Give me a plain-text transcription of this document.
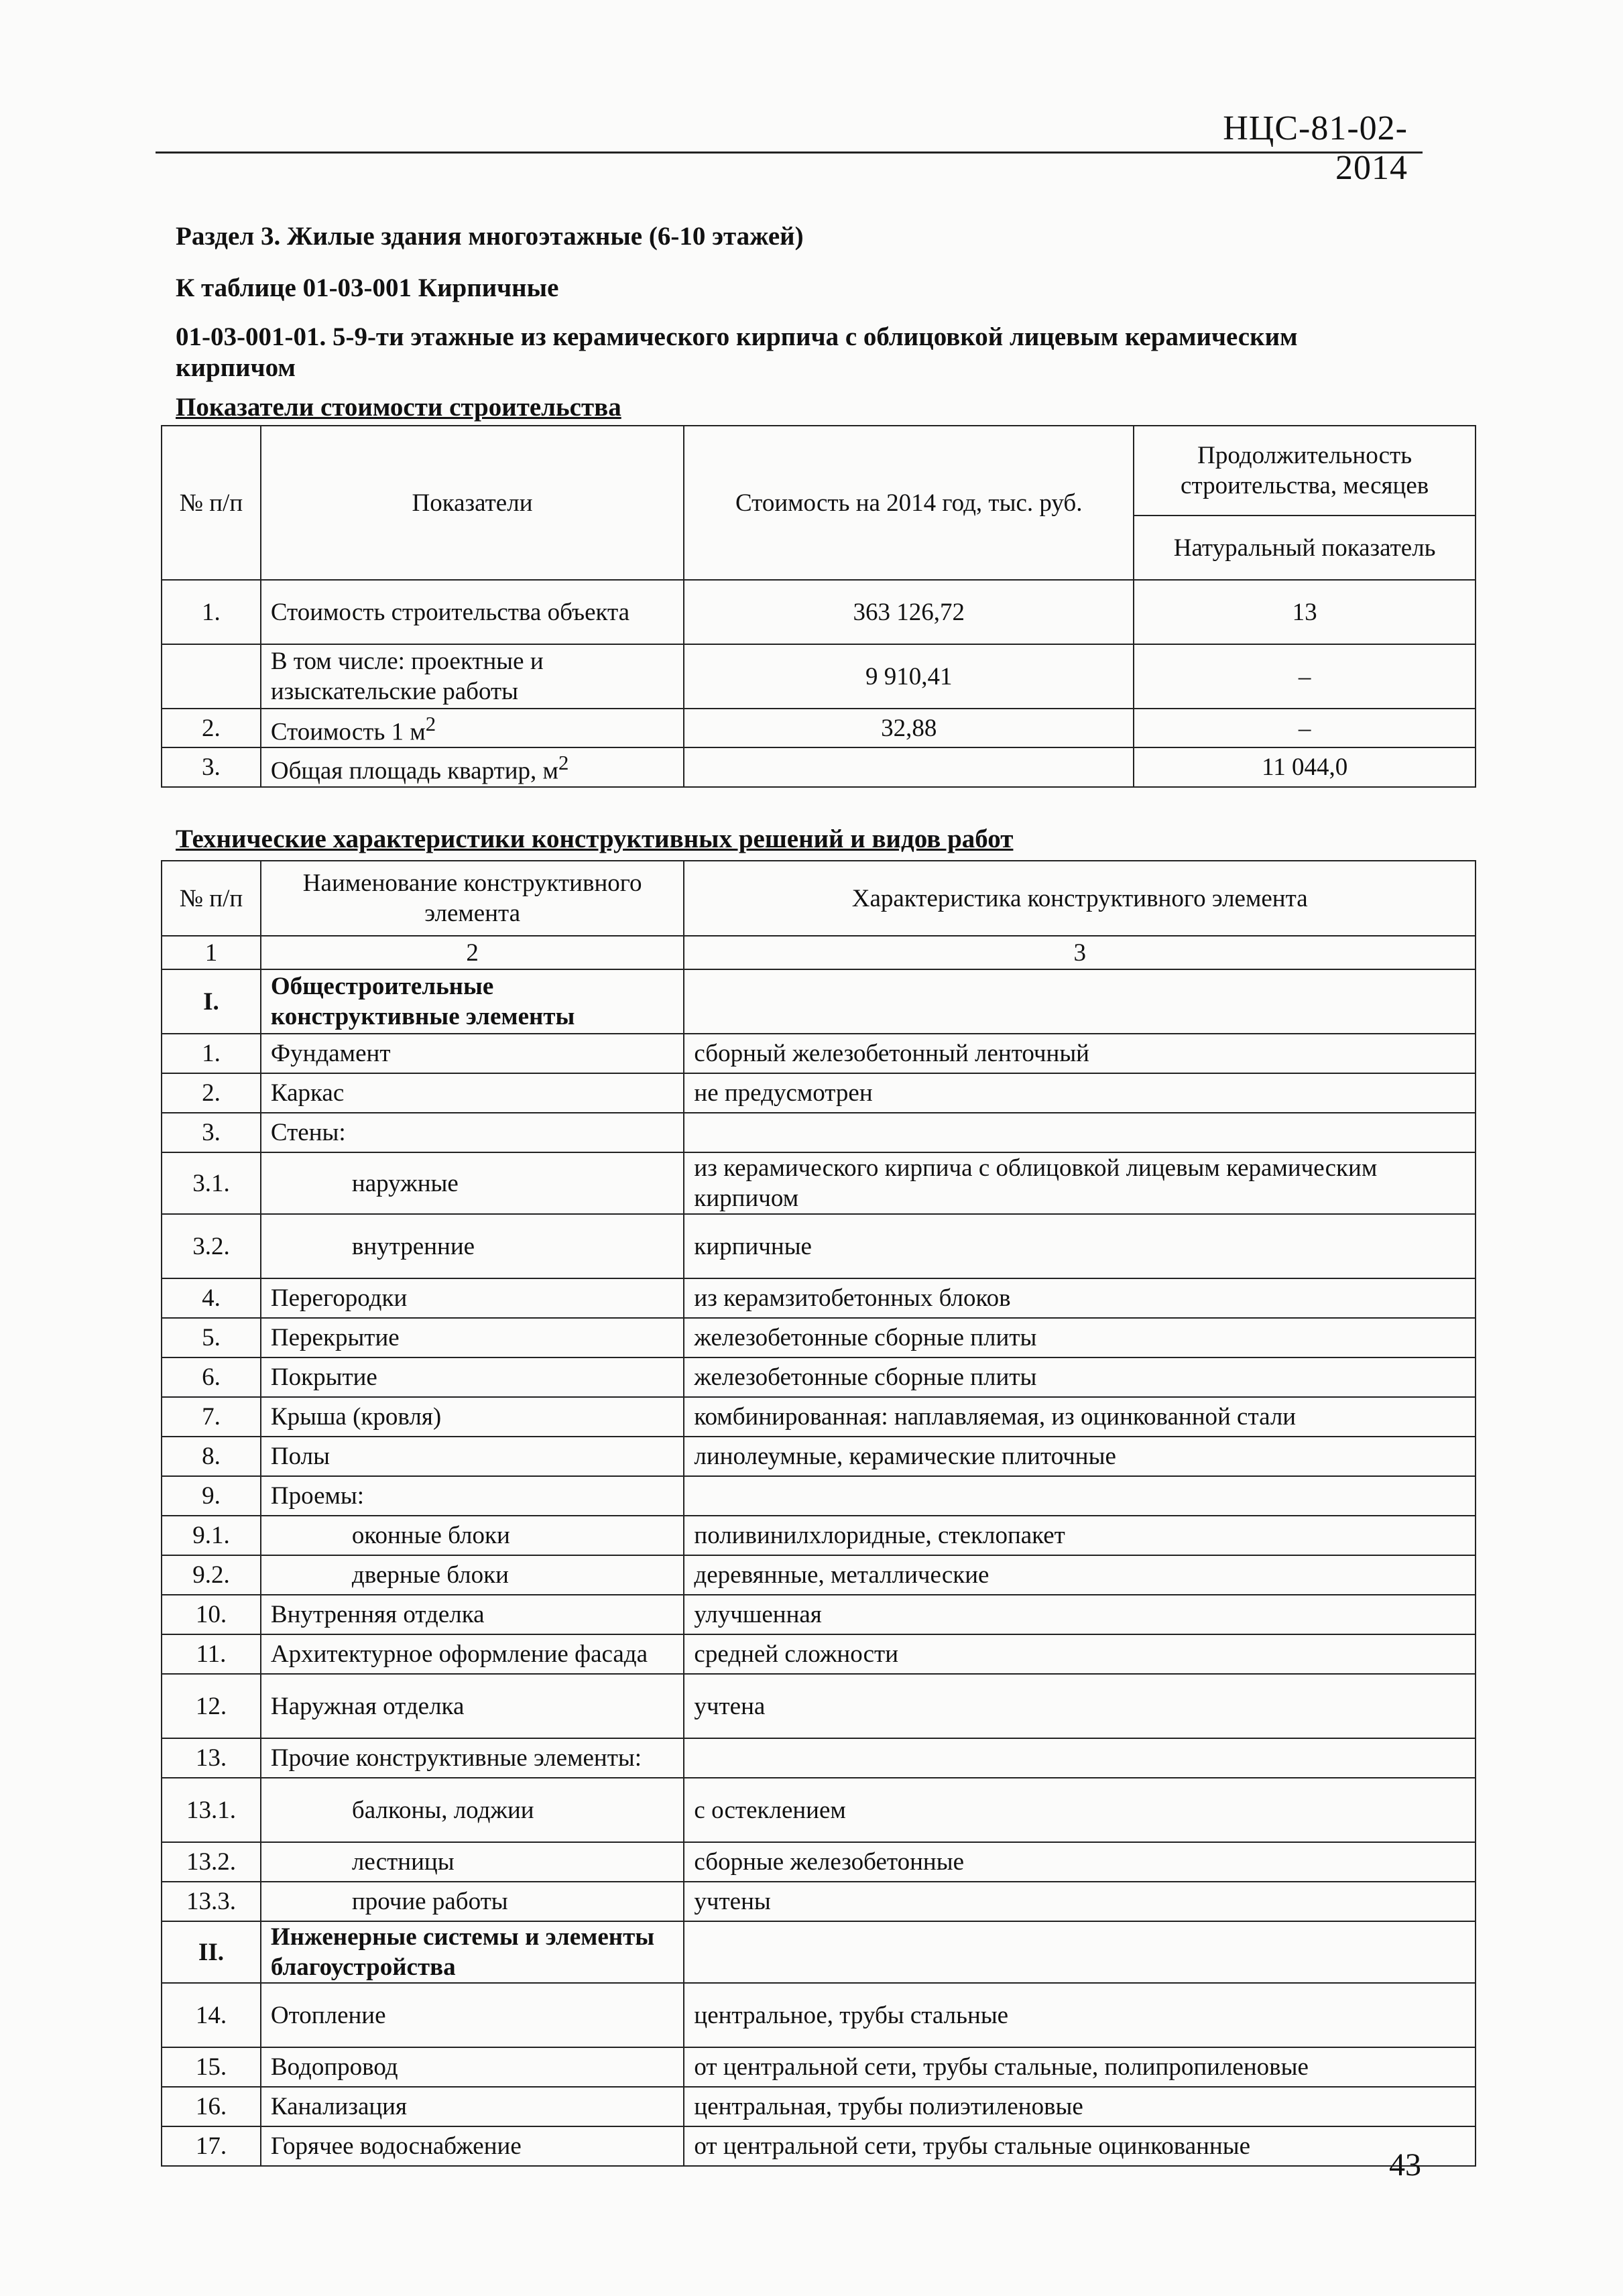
НЦС-81-02-2014
Раздел 3. Жилые здания многоэтажные (6-10 этажей)
К таблице 01-03-001 Кирпичные
01-03-001-01. 5-9-ти этажные из керамического кирпича с облицовкой лицевым керамическим кирпичом
Показатели стоимости строительства
№ п/п	Показатели	Стоимость на 2014 год, тыс. руб.	Продолжительность строительства, месяцев
			Натуральный показатель
1.	Стоимость строительства объекта	363 126,72	13
	В том числе: проектные и изыскательские работы	9 910,41	–
2.	Стоимость 1 $м^2$	32,88	–
3.	Общая площадь квартир, $м^2$		11 044,0
Технические характеристики конструктивных решений и видов работ
№ п/п	Наименование конструктивного элемента	Характеристика конструктивного элемента
1	2	3
I.	Общестроительные конструктивные элементы	
1.	Фундамент	сборный железобетонный ленточный
2.	Каркас	не предусмотрен
3.	Стены:	
3.1.	наружные	из керамического кирпича с облицовкой лицевым керамическим кирпичом
3.2.	внутренние	кирпичные
4.	Перегородки	из керамзитобетонных блоков
5.	Перекрытие	железобетонные сборные плиты
6.	Покрытие	железобетонные сборные плиты
7.	Крыша (кровля)	комбинированная: наплавляемая, из оцинкованной стали
8.	Полы	линолеумные, керамические плиточные
9.	Проемы:	
9.1.	оконные блоки	поливинилхлоридные, стеклопакет
9.2.	дверные блоки	деревянные, металлические
10.	Внутренняя отделка	улучшенная
11.	Архитектурное оформление фасада	средней сложности
12.	Наружная отделка	учтена
13.	Прочие конструктивные элементы:	
13.1.	балконы, лоджии	с остеклением
13.2.	лестницы	сборные железобетонные
13.3.	прочие работы	учтены
II.	Инженерные системы и элементы благоустройства	
14.	Отопление	центральное, трубы стальные
15.	Водопровод	от центральной сети, трубы стальные, полипропиленовые
16.	Канализация	центральная, трубы полиэтиленовые
17.	Горячее водоснабжение	от центральной сети, трубы стальные оцинкованные
43
